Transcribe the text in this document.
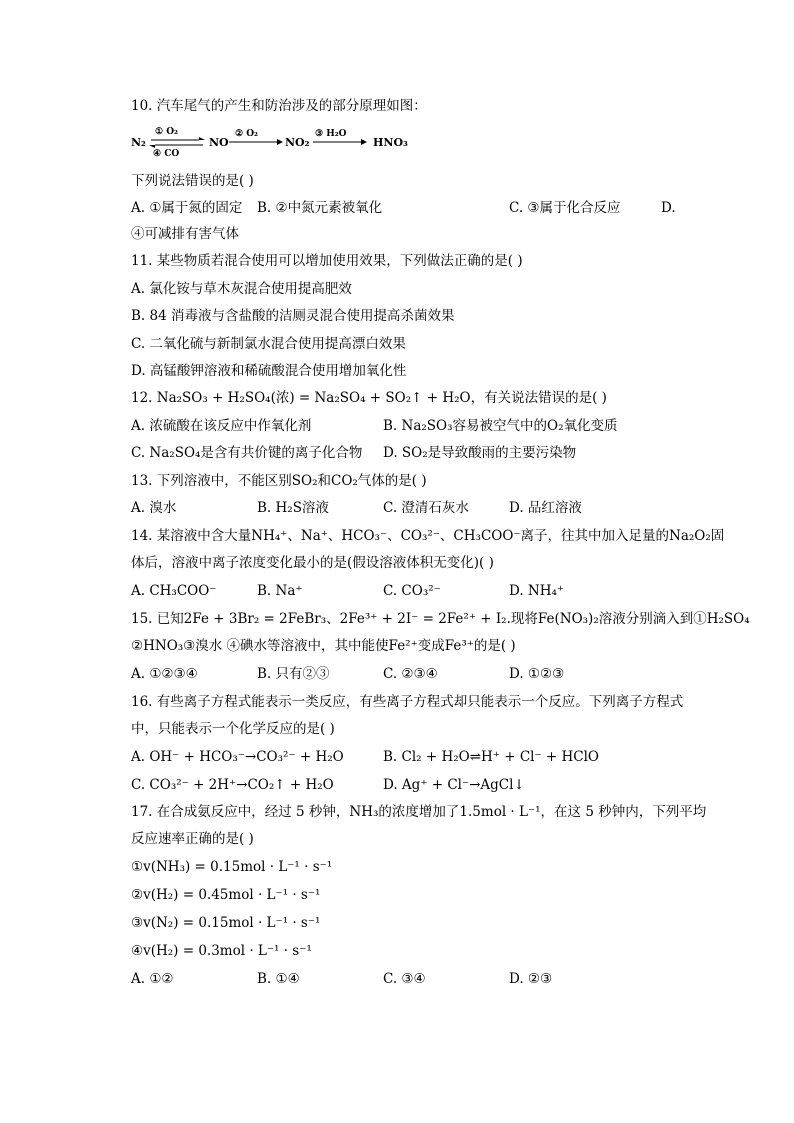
10. 汽车尾气的产生和防治涉及的部分原理如图：
N₂
① O₂
④ CO
NO
② O₂
NO₂
③ H₂O
HNO₃
下列说法错误的是( )
A. ①属于氮的固定 B. ②中氮元素被氧化	C. ③属于化合反应	D.
④可减排有害气体
11. 某些物质若混合使用可以增加使用效果，下列做法正确的是( )
A. 氯化铵与草木灰混合使用提高肥效
B. 84 消毒液与含盐酸的洁厕灵混合使用提高杀菌效果
C. 二氧化硫与新制氯水混合使用提高漂白效果
D. 高锰酸钾溶液和稀硫酸混合使用增加氧化性
12. Na₂SO₃ + H₂SO₄(浓) = Na₂SO₄ + SO₂↑ + H₂O，有关说法错误的是( )
A. 浓硫酸在该反应中作氧化剂	B. Na₂SO₃容易被空气中的O₂氧化变质
C. Na₂SO₄是含有共价键的离子化合物 D. SO₂是导致酸雨的主要污染物
13. 下列溶液中，不能区别SO₂和CO₂气体的是( )
A. 溴水	B. H₂S溶液	C. 澄清石灰水	D. 品红溶液
14. 某溶液中含大量NH₄⁺、Na⁺、HCO₃⁻、CO₃²⁻、CH₃COO⁻离子，往其中加入足量的Na₂O₂固
体后，溶液中离子浓度变化最小的是(假设溶液体积无变化)( )
A. CH₃COO⁻	B. Na⁺	C. CO₃²⁻	D. NH₄⁺
15. 已知2Fe + 3Br₂ = 2FeBr₃、2Fe³⁺ + 2I⁻ = 2Fe²⁺ + I₂.现将Fe(NO₃)₂溶液分别滴入到①H₂SO₄
②HNO₃③溴水 ④碘水等溶液中，其中能使Fe²⁺变成Fe³⁺的是( )
A. ①②③④	B. 只有②③	C. ②③④	D. ①②③
16. 有些离子方程式能表示一类反应，有些离子方程式却只能表示一个反应。下列离子方程式
中，只能表示一个化学反应的是( )
A. OH⁻ + HCO₃⁻→CO₃²⁻ + H₂O	B. Cl₂ + H₂O⇌H⁺ + Cl⁻ + HClO
C. CO₃²⁻ + 2H⁺→CO₂↑ + H₂O	D. Ag⁺ + Cl⁻→AgCl↓
17. 在合成氨反应中，经过 5 秒钟，NH₃的浓度增加了1.5mol · L⁻¹，在这 5 秒钟内，下列平均
反应速率正确的是( )
①v(NH₃) = 0.15mol · L⁻¹ · s⁻¹
②v(H₂) = 0.45mol · L⁻¹ · s⁻¹
③v(N₂) = 0.15mol · L⁻¹ · s⁻¹
④v(H₂) = 0.3mol · L⁻¹ · s⁻¹
A. ①②	B. ①④	C. ③④	D. ②③
